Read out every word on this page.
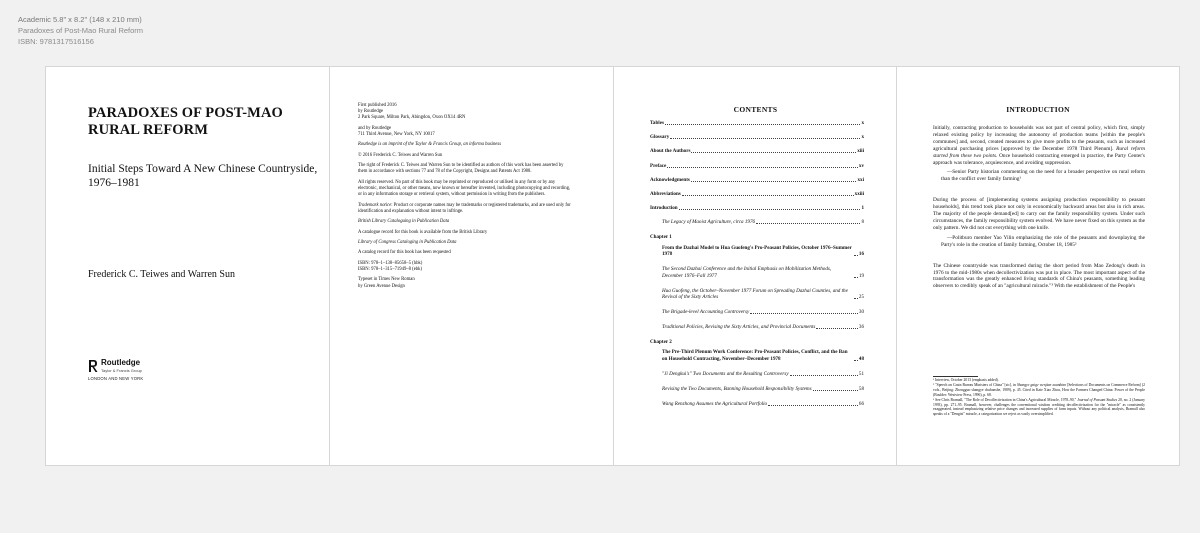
Academic 5.8" x 8.2" (148 x 210 mm)
Paradoxes of Post-Mao Rural Reform
ISBN: 9781317516156
PARADOXES OF POST-MAO RURAL REFORM
Initial Steps Toward A New Chinese Countryside, 1976–1981
Frederick C. Teiwes and Warren Sun
Routledge
Taylor & Francis Group
LONDON AND NEW YORK

First published 2016
by Routledge
2 Park Square, Milton Park, Abingdon, Oxon OX14 4RN

and by Routledge
711 Third Avenue, New York, NY 10017

Routledge is an imprint of the Taylor & Francis Group, an informa business

© 2016 Frederick C. Teiwes and Warren Sun

The right of Frederick C. Teiwes and Warren Sun to be identified as authors of this work has been asserted by them in accordance with sections 77 and 78 of the Copyright, Designs and Patents Act 1988.

All rights reserved. No part of this book may be reprinted or reproduced or utilised in any form or by any electronic, mechanical, or other means, now known or hereafter invented, including photocopying and recording, or in any information storage or retrieval system, without permission in writing from the publishers.

Trademark notice: Product or corporate names may be trademarks or registered trademarks, and are used only for identification and explanation without intent to infringe.

British Library Cataloguing in Publication Data

A catalogue record for this book is available from the British Library

Library of Congress Cataloging in Publication Data

A catalog record for this book has been requested

ISBN: 978–1–138–85658–5 (hbk)
ISBN: 978–1–315–71949–8 (ebk)

Typeset in Times New Roman
by Green Avenue Design

CONTENTS
Tables	x
Glossary	x
About the Authors	xiii
Preface	xv
Acknowledgments	xxi
Abbreviations	xxiii
Introduction	1
The Legacy of Maoist Agriculture, circa 1976	8
Chapter 1
From the Dazhai Model to Hua Guofeng's Pro-Peasant Policies, October 1976–Summer 1978	16
The Second Dazhai Conference and the Initial Emphasis on Mobilization Methods, December 1976–Fall 1977	19
Hua Guofeng, the October–November 1977 Forum on Spreading Dazhai Counties, and the Revival of the Sixty Articles	25
The Brigade-level Accounting Controversy	30
Traditional Policies, Revising the Sixty Articles, and Provincial Documents	36
Chapter 2
The Pre-Third Plenum Work Conference: Pro-Peasant Policies, Conflict, and the Ban on Household Contracting, November–December 1978	48
"Ji Dengkui's" Two Documents and the Resulting Controversy	51
Revising the Two Documents, Banning Household Responsibility Systems	58
Wang Renzhong Assumes the Agricultural Portfolio	66
INTRODUCTION

Initially, contracting production to households was not part of central policy, which first, simply relaxed existing policy by increasing the autonomy of production teams [within the people's communes] and, second, created measures to give more profits to the peasants, such as increased agricultural purchasing prices [approved by the December 1978 Third Plenum]. Rural reform started from these two points. Once household contracting emerged in practice, the Party Center's approach was tolerance, acquiescence, and avoiding suppression.

—Senior Party historian commenting on the need for a broader perspective on rural reform than the conflict over family farming¹

During the process of [implementing systems assigning production responsibility to peasant households], this trend took place not only in economically backward areas but also in rich areas. The majority of the people demand[ed] to carry out the family responsibility system. Under such circumstances, the family responsibility system evolved. We have never fixed on this system as the only pattern. We did not cut everything with one knife.

—Politburo member Yao Yilin emphasizing the role of the peasants and downplaying the Party's role in the creation of family farming, October 18, 1985²

The Chinese countryside was transformed during the short period from Mao Zedong's death in 1976 to the mid-1980s when decollectivization was put in place. The most important aspect of the transformation was the greatly enhanced living standards of China's peasants, something leading observers to credibly speak of an "agricultural miracle."³ With the establishment of the People's

¹ Interview, October 2013 (emphasis added).

² "Speech on Grain Bureau Ministers of China" [sic], in Shangye gaige wenjian xuanbian [Selections of Documents on Commerce Reform] (2 vols., Beijing: Zhongguo shangye chubanshe, 1989), p. 45. Cited in Kate Xiao Zhou, How the Farmers Changed China: Power of the People (Boulder: Westview Press, 1996), p. 68.

³ See Chris Bramall, "The Role of Decollectivisation in China's Agricultural Miracle, 1978–90," Journal of Peasant Studies 20, no. 2 (January 1993), pp. 271–95. Bramall, however, challenges the conventional wisdom crediting decollectivization for the "miracle" as consistently exaggerated, instead emphasizing relative price changes and increased supplies of farm inputs. Without any political analysis, Bramall also speaks of a "Dengist" miracle, a categorization we reject as vastly oversimplified.
